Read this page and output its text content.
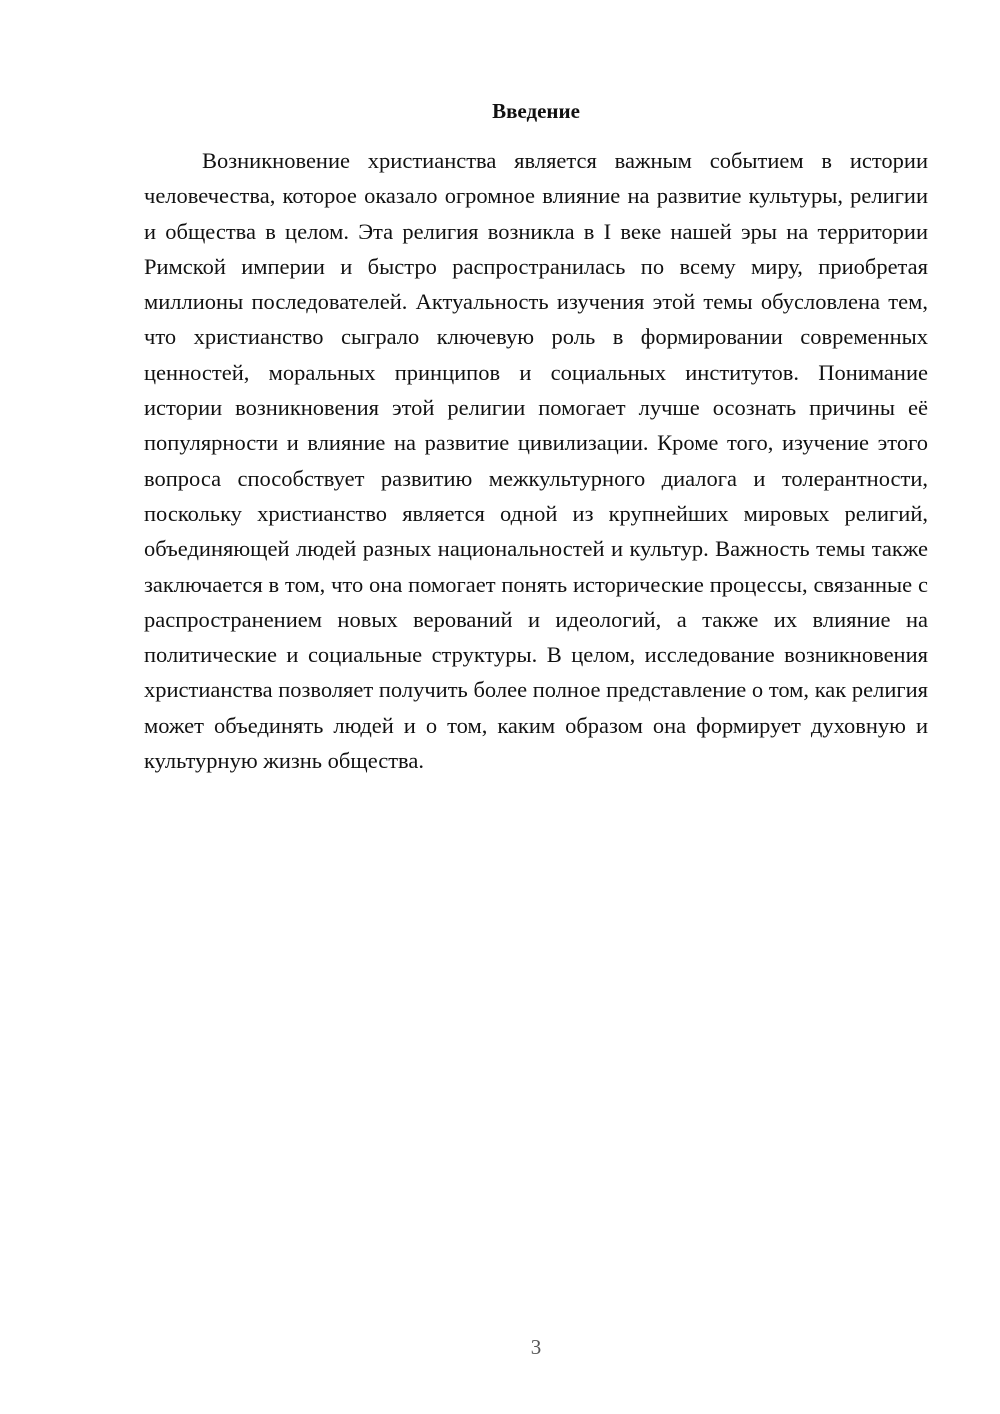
Введение

Возникновение христианства является важным событием в истории человечества, которое оказало огромное влияние на развитие культуры, религии и общества в целом. Эта религия возникла в I веке нашей эры на территории Римской империи и быстро распространилась по всему миру, приобретая миллионы последователей. Актуальность изучения этой темы обусловлена тем, что христианство сыграло ключевую роль в формировании современных ценностей, моральных принципов и социальных институтов. Понимание истории возникновения этой религии помогает лучше осознать причины её популярности и влияние на развитие цивилизации. Кроме того, изучение этого вопроса способствует развитию межкультурного диалога и толерантности, поскольку христианство является одной из крупнейших мировых религий, объединяющей людей разных национальностей и культур. Важность темы также заключается в том, что она помогает понять исторические процессы, связанные с распространением новых верований и идеологий, а также их влияние на политические и социальные структуры. В целом, исследование возникновения христианства позволяет получить более полное представление о том, как религия может объединять людей и о том, каким образом она формирует духовную и культурную жизнь общества.

3
